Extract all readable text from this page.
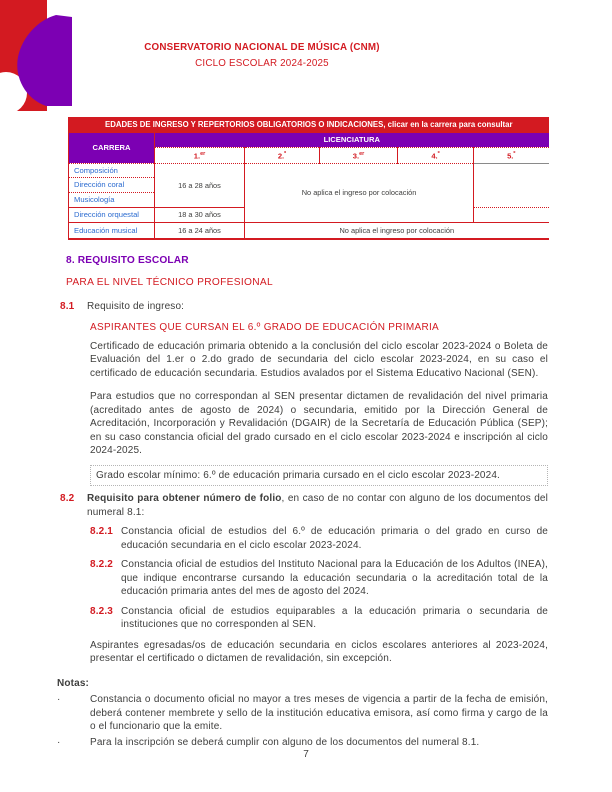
CONSERVATORIO NACIONAL DE MÚSICA (CNM)
CICLO ESCOLAR 2024-2025
EDADES DE INGRESO Y REPERTORIOS OBLIGATORIOS O INDICACIONES, clicar en la carrera para consultar					
CARRERA	LICENCIATURA				
	1.$^{er}$	2.$^º$	3.$^{er}$	4.$^º$	5.$^º$
Composición	16 a 28 años	No aplica el ingreso por colocación			
Dirección coral					
Musicología					
Dirección orquestal	18 a 30 años				
Educación musical	16 a 24 años	No aplica el ingreso por colocación			
8. REQUISITO ESCOLAR
PARA EL NIVEL TÉCNICO PROFESIONAL
8.1	Requisito de ingreso:
ASPIRANTES QUE CURSAN EL 6.º GRADO DE EDUCACIÓN PRIMARIA
Certificado de educación primaria obtenido a la conclusión del ciclo escolar 2023-2024 o Boleta de Evaluación del 1.er o 2.do grado de secundaria del ciclo escolar 2023-2024, en su caso el certificado de educación secundaria. Estudios avalados por el Sistema Educativo Nacional (SEN).
Para estudios que no correspondan al SEN presentar dictamen de revalidación del nivel primaria (acreditado antes de agosto de 2024) o secundaria, emitido por la Dirección General de Acreditación, Incorporación y Revalidación (DGAIR) de la Secretaría de Educación Pública (SEP); en su caso constancia oficial del grado cursado en el ciclo escolar 2023-2024 e inscripción al ciclo 2024-2025.
Grado escolar mínimo: 6.º de educación primaria cursado en el ciclo escolar 2023-2024.
8.2	Requisito para obtener número de folio, en caso de no contar con alguno de los documentos del numeral 8.1:
8.2.1 Constancia oficial de estudios del 6.º de educación primaria o del grado en curso de educación secundaria en el ciclo escolar 2023-2024.
8.2.2 Constancia oficial de estudios del Instituto Nacional para la Educación de los Adultos (INEA), que indique encontrarse cursando la educación secundaria o la acreditación total de la educación primaria antes del mes de agosto del 2024.
8.2.3 Constancia oficial de estudios equiparables a la educación primaria o secundaria de instituciones que no corresponden al SEN.
Aspirantes egresadas/os de educación secundaria en ciclos escolares anteriores al 2023-2024, presentar el certificado o dictamen de revalidación, sin excepción.
Notas:
·	Constancia o documento oficial no mayor a tres meses de vigencia a partir de la fecha de emisión, deberá contener membrete y sello de la institución educativa emisora, así como firma y cargo de la o el funcionario que la emite.
·	Para la inscripción se deberá cumplir con alguno de los documentos del numeral 8.1.
7
